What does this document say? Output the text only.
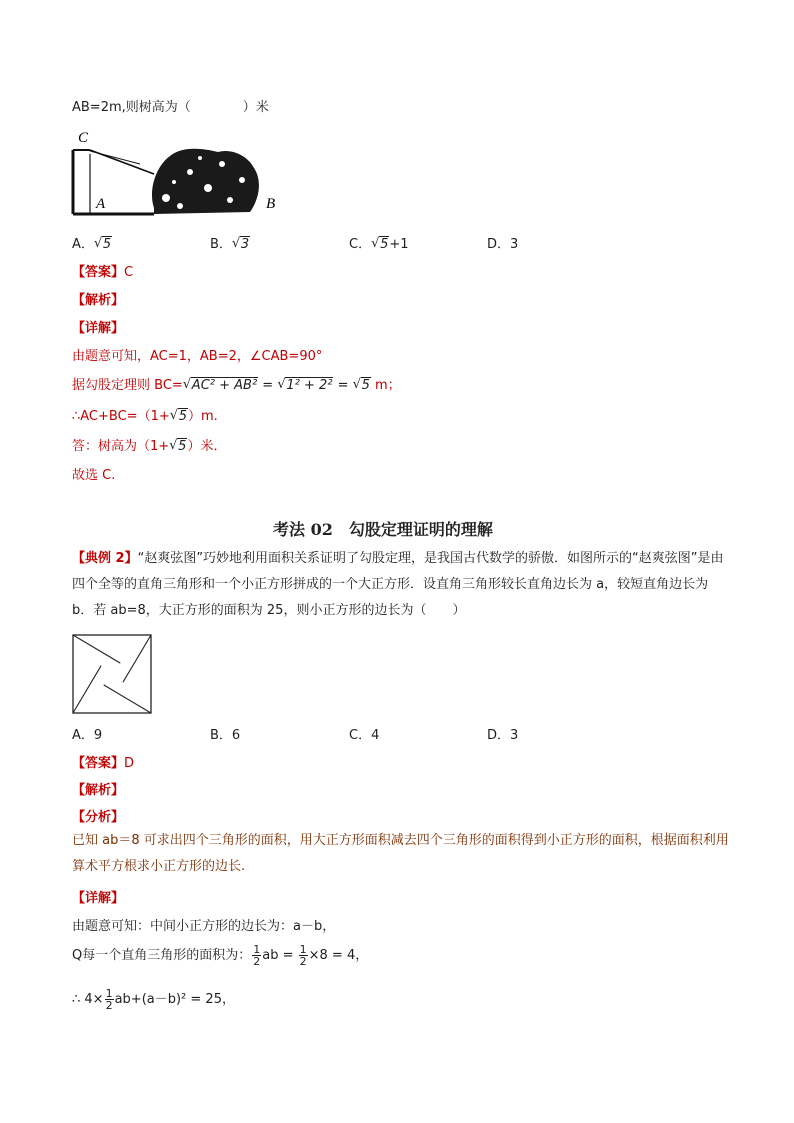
AB=2m,则树高为（　　　　）米
C
A	B
A． √ 5	B． √ 3	C． √ 5+1	D．3
【答案】C
【解析】
【详解】
由题意可知，AC=1，AB=2，∠CAB=90°
据勾股定理则 BC= √ AC² + AB² = √ 1² + 2² = √ 5 m；
∴AC+BC=（1+ √ 5）m.
答：树高为（1+ √ 5）米．
故选 C.
考法 02　勾股定理证明的理解
【典例 2】“赵爽弦图”巧妙地利用面积关系证明了勾股定理，是我国古代数学的骄傲．如图所示的“赵爽弦图”是由四个全等的直角三角形和一个小正方形拼成的一个大正方形．设直角三角形较长直角边长为 a，较短直角边长为 b．若 ab=8，大正方形的面积为 25，则小正方形的边长为（　　）
A．9	B．6	C．4	D．3
【答案】D
【解析】
【分析】
已知 ab＝8 可求出四个三角形的面积，用大正方形面积减去四个三角形的面积得到小正方形的面积，根据面积利用算术平方根求小正方形的边长.
【详解】
由题意可知：中间小正方形的边长为：a－b，
Q每一个直角三角形的面积为： $\frac{1}{2}$ ab = $\frac{1}{2} \times 8 = 4$，
∴ $4\times \frac{1}{2} ab+(a-b)^2 = 25$，
